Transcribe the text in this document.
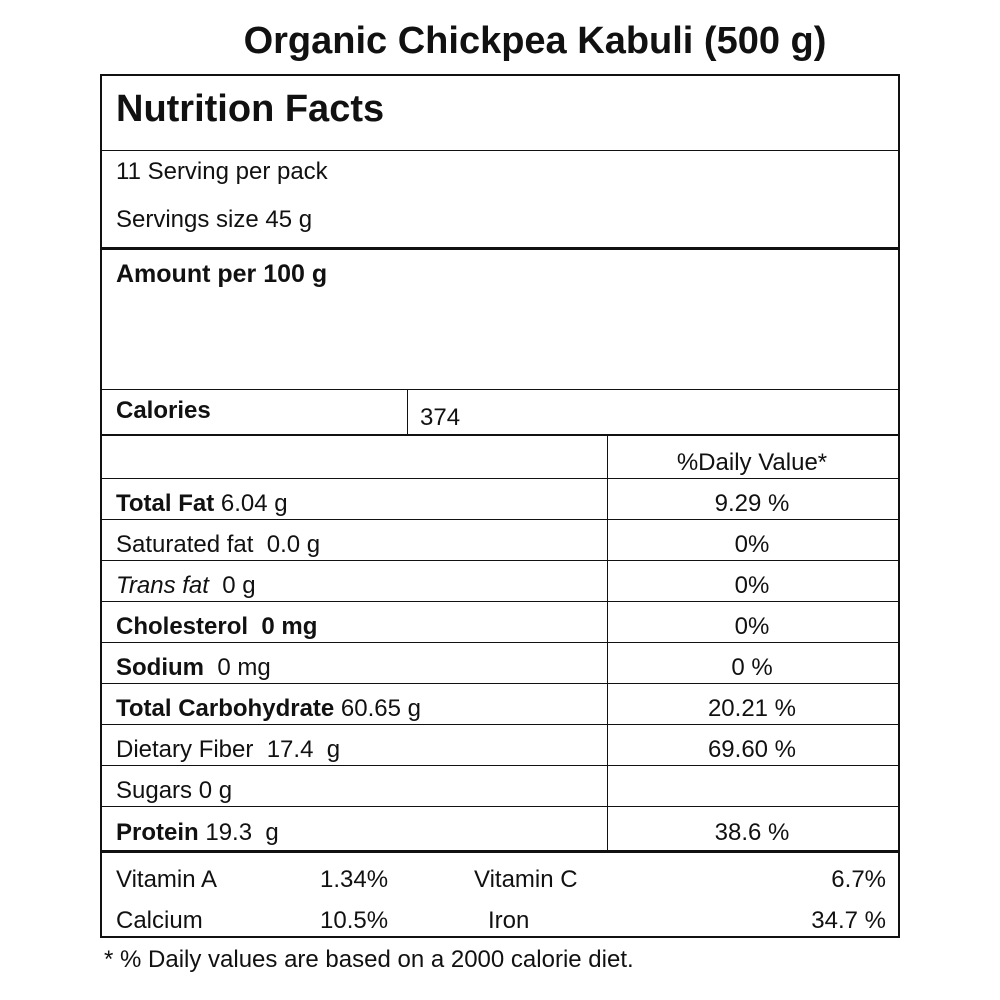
Organic Chickpea Kabuli (500 g)
Nutrition Facts
11 Serving per pack
Servings size 45 g
Amount per 100 g
Calories	374
%Daily Value*
Total Fat 6.04 g	9.29 %
Saturated fat  0.0 g	0%
Trans fat  0 g	0%
Cholesterol  0 mg	0%
Sodium  0 mg	0 %
Total Carbohydrate 60.65 g	20.21 %
Dietary Fiber  17.4  g	69.60 %
Sugars 0 g
Protein 19.3  g	38.6 %
Vitamin A	1.34%	Vitamin C	6.7%
Calcium	10.5%	Iron	34.7 %
* % Daily values are based on a 2000 calorie diet.
